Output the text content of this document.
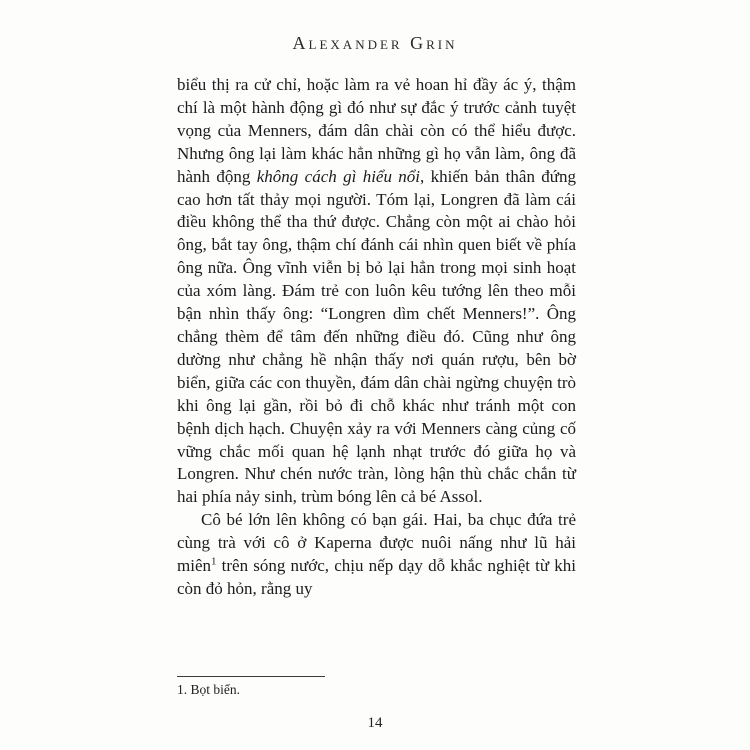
Alexander Grin

biểu thị ra cử chỉ, hoặc làm ra vẻ hoan hỉ đầy ác ý, thậm chí là một hành động gì đó như sự đắc ý trước cảnh tuyệt vọng của Menners, đám dân chài còn có thể hiểu được. Nhưng ông lại làm khác hẳn những gì họ vẫn làm, ông đã hành động không cách gì hiểu nổi, khiến bản thân đứng cao hơn tất thảy mọi người. Tóm lại, Longren đã làm cái điều không thể tha thứ được. Chẳng còn một ai chào hỏi ông, bắt tay ông, thậm chí đánh cái nhìn quen biết về phía ông nữa. Ông vĩnh viễn bị bỏ lại hẳn trong mọi sinh hoạt của xóm làng. Đám trẻ con luôn kêu tướng lên theo mỗi bận nhìn thấy ông: “Longren dìm chết Menners!”. Ông chẳng thèm để tâm đến những điều đó. Cũng như ông dường như chẳng hề nhận thấy nơi quán rượu, bên bờ biển, giữa các con thuyền, đám dân chài ngừng chuyện trò khi ông lại gần, rồi bỏ đi chỗ khác như tránh một con bệnh dịch hạch. Chuyện xảy ra với Menners càng củng cố vững chắc mối quan hệ lạnh nhạt trước đó giữa họ và Longren. Như chén nước tràn, lòng hận thù chắc chắn từ hai phía nảy sinh, trùm bóng lên cả bé Assol.

Cô bé lớn lên không có bạn gái. Hai, ba chục đứa trẻ cùng trà với cô ở Kaperna được nuôi nấng như lũ hải miên$^1$ trên sóng nước, chịu nếp dạy dỗ khắc nghiệt từ khi còn đỏ hỏn, rằng uy

1. Bọt biển.
14
